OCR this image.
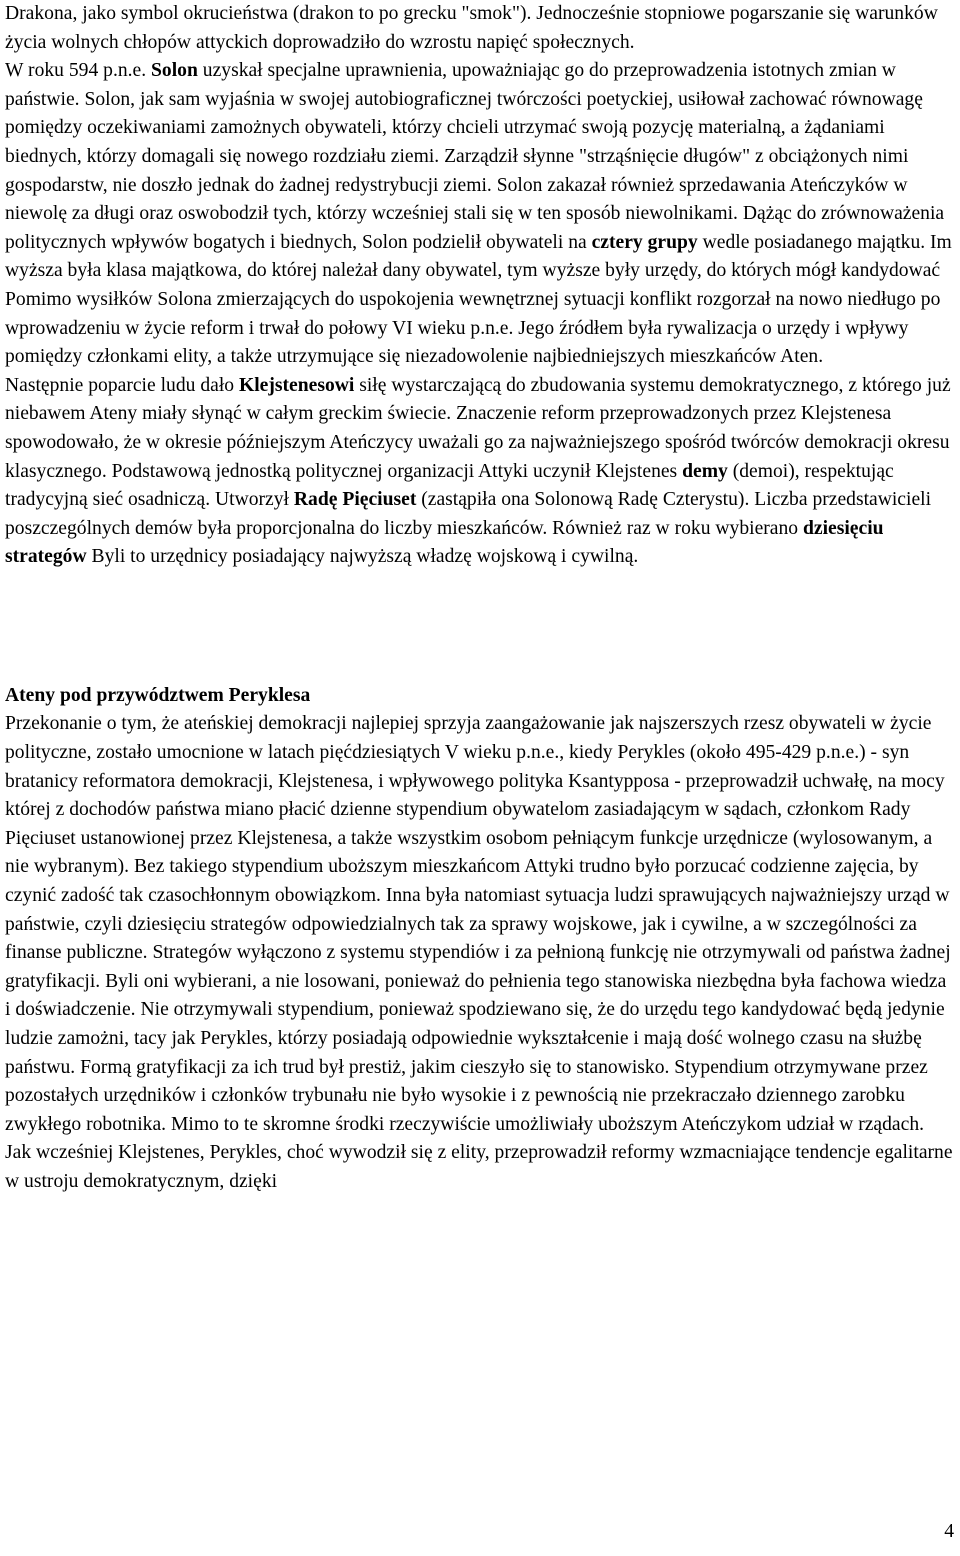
Drakona, jako symbol okrucieństwa (drakon to po grecku "smok"). Jednocześnie stopniowe pogarszanie się warunków życia wolnych chłopów attyckich doprowadziło do wzrostu napięć społecznych.

W roku 594 p.n.e. Solon uzyskał specjalne uprawnienia, upoważniając go do przeprowadzenia istotnych zmian w państwie. Solon, jak sam wyjaśnia w swojej autobiograficznej twórczości poetyckiej, usiłował zachować równowagę pomiędzy oczekiwaniami zamożnych obywateli, którzy chcieli utrzymać swoją pozycję materialną, a żądaniami biednych, którzy domagali się nowego rozdziału ziemi. Zarządził słynne "strząśnięcie długów" z obciążonych nimi gospodarstw, nie doszło jednak do żadnej redystrybucji ziemi. Solon zakazał również sprzedawania Ateńczyków w niewolę za długi oraz oswobodził tych, którzy wcześniej stali się w ten sposób niewolnikami. Dążąc do zrównoważenia politycznych wpływów bogatych i biednych, Solon podzielił obywateli na cztery grupy wedle posiadanego majątku. Im wyższa była klasa majątkowa, do której należał dany obywatel, tym wyższe były urzędy, do których mógł kandydować

Pomimo wysiłków Solona zmierzających do uspokojenia wewnętrznej sytuacji konflikt rozgorzał na nowo niedługo po wprowadzeniu w życie reform i trwał do połowy VI wieku p.n.e. Jego źródłem była rywalizacja o urzędy i wpływy pomiędzy członkami elity, a także utrzymujące się niezadowolenie najbiedniejszych mieszkańców Aten.

Następnie poparcie ludu dało Klejstenesowi siłę wystarczającą do zbudowania systemu demokratycznego, z którego już niebawem Ateny miały słynąć w całym greckim świecie. Znaczenie reform przeprowadzonych przez Klejstenesa spowodowało, że w okresie późniejszym Ateńczycy uważali go za najważniejszego spośród twórców demokracji okresu klasycznego. Podstawową jednostką politycznej organizacji Attyki uczynił Klejstenes demy (demoi), respektując tradycyjną sieć osadniczą. Utworzył Radę Pięciuset (zastąpiła ona Solonową Radę Czterystu). Liczba przedstawicieli poszczególnych demów była proporcjonalna do liczby mieszkańców. Również raz w roku wybierano dziesięciu strategów Byli to urzędnicy posiadający najwyższą władzę wojskową i cywilną.

Ateny pod przywództwem Peryklesa

Przekonanie o tym, że ateńskiej demokracji najlepiej sprzyja zaangażowanie jak najszerszych rzesz obywateli w życie polityczne, zostało umocnione w latach pięćdziesiątych V wieku p.n.e., kiedy Perykles (około 495-429 p.n.e.) - syn bratanicy reformatora demokracji, Klejstenesa, i wpływowego polityka Ksantypposa - przeprowadził uchwałę, na mocy której z dochodów państwa miano płacić dzienne stypendium obywatelom zasiadającym w sądach, członkom Rady Pięciuset ustanowionej przez Klejstenesa, a także wszystkim osobom pełniącym funkcje urzędnicze (wylosowanym, a nie wybranym). Bez takiego stypendium uboższym mieszkańcom Attyki trudno było porzucać codzienne zajęcia, by czynić zadość tak czasochłonnym obowiązkom. Inna była natomiast sytuacja ludzi sprawujących najważniejszy urząd w państwie, czyli dziesięciu strategów odpowiedzialnych tak za sprawy wojskowe, jak i cywilne, a w szczególności za finanse publiczne. Strategów wyłączono z systemu stypendiów i za pełnioną funkcję nie otrzymywali od państwa żadnej gratyfikacji. Byli oni wybierani, a nie losowani, ponieważ do pełnienia tego stanowiska niezbędna była fachowa wiedza i doświadczenie. Nie otrzymywali stypendium, ponieważ spodziewano się, że do urzędu tego kandydować będą jedynie ludzie zamożni, tacy jak Perykles, którzy posiadają odpowiednie wykształcenie i mają dość wolnego czasu na służbę państwu. Formą gratyfikacji za ich trud był prestiż, jakim cieszyło się to stanowisko. Stypendium otrzymywane przez pozostałych urzędników i członków trybunału nie było wysokie i z pewnością nie przekraczało dziennego zarobku zwykłego robotnika. Mimo to te skromne środki rzeczywiście umożliwiały uboższym Ateńczykom udział w rządach. Jak wcześniej Klejstenes, Perykles, choć wywodził się z elity, przeprowadził reformy wzmacniające tendencje egalitarne w ustroju demokratycznym, dzięki

4
